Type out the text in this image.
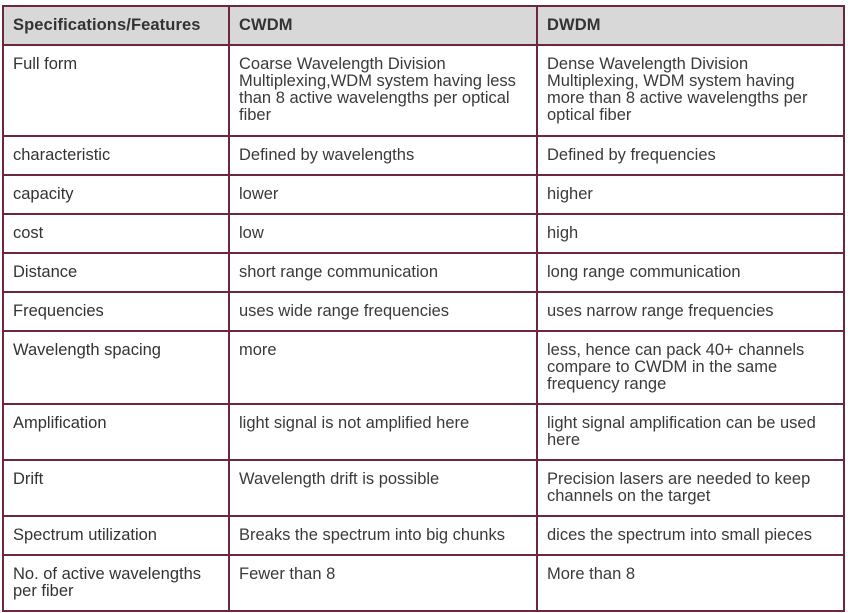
Specifications/Features	CWDM	DWDM
Full form	Coarse Wavelength Division Multiplexing,WDM system having less than 8 active wavelengths per optical fiber	Dense Wavelength Division Multiplexing, WDM system having more than 8 active wavelengths per optical fiber
characteristic	Defined by wavelengths	Defined by frequencies
capacity	lower	higher
cost	low	high
Distance	short range communication	long range communication
Frequencies	uses wide range frequencies	uses narrow range frequencies
Wavelength spacing	more	less, hence can pack 40+ channels compare to CWDM in the same frequency range
Amplification	light signal is not amplified here	light signal amplification can be used here
Drift	Wavelength drift is possible	Precision lasers are needed to keep channels on the target
Spectrum utilization	Breaks the spectrum into big chunks	dices the spectrum into small pieces
No. of active wavelengths per fiber	Fewer than 8	More than 8
